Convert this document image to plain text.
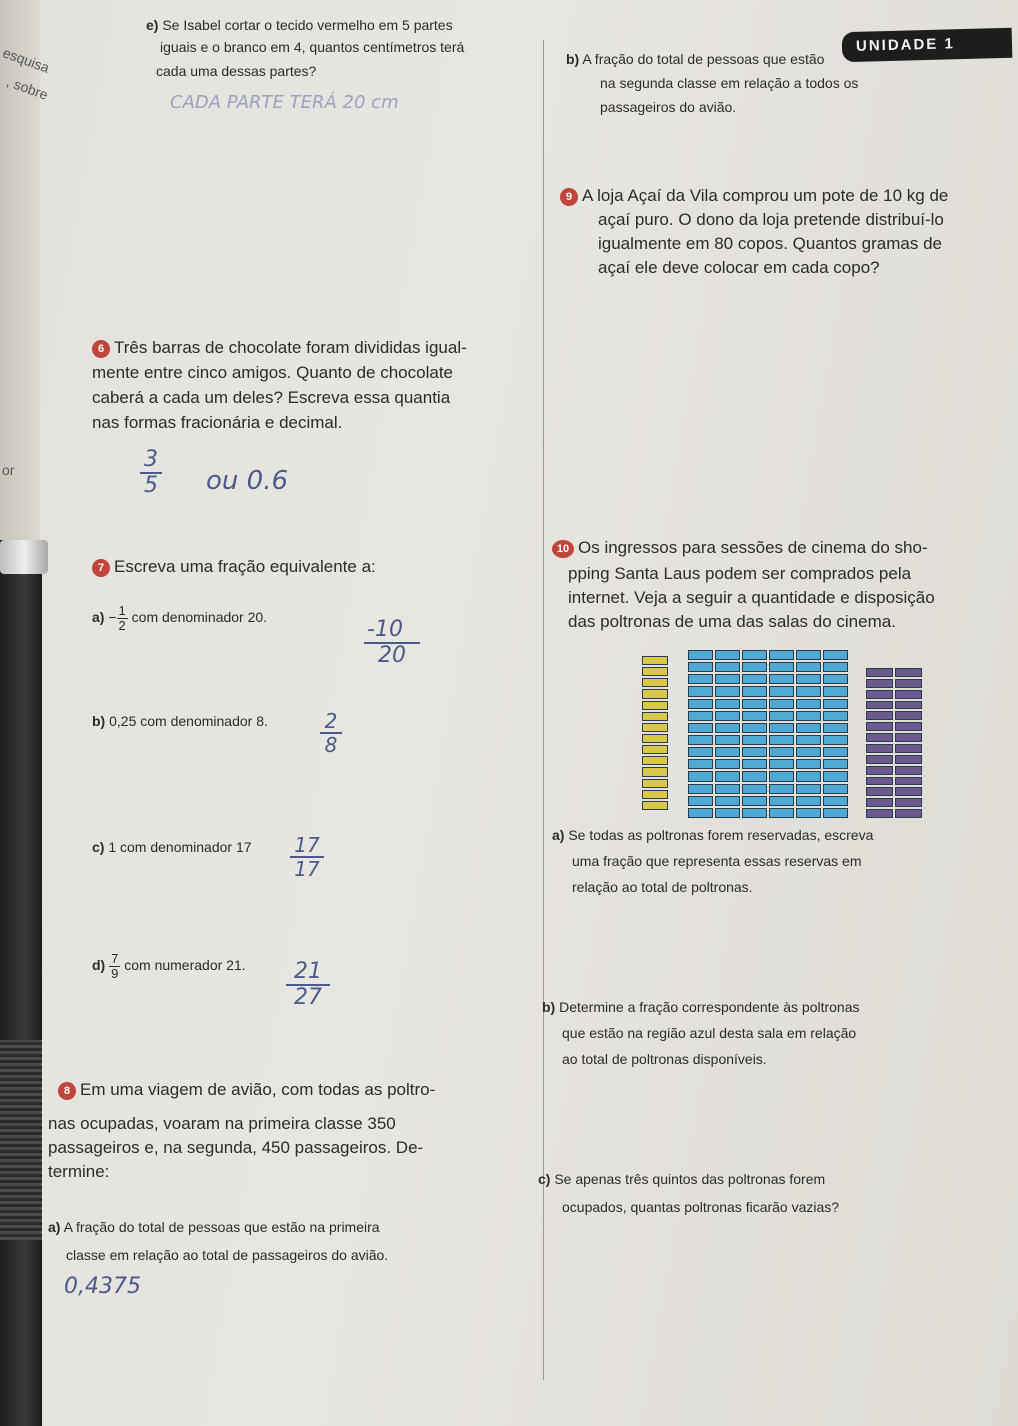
esquisa
, sobre
or
UNIDADE 1
e) Se Isabel cortar o tecido vermelho em 5 partes
iguais e o branco em 4, quantos centímetros terá
cada uma dessas partes?
CADA PARTE TERÁ 20 cm
b) A fração do total de pessoas que estão
na segunda classe em relação a todos os
passageiros do avião.
9 A loja Açaí da Vila comprou um pote de 10 kg de
açaí puro. O dono da loja pretende distribuí-lo
igualmente em 80 copos. Quantos gramas de
açaí ele deve colocar em cada copo?
6 Três barras de chocolate foram divididas igual-
mente entre cinco amigos. Quanto de chocolate
caberá a cada um deles? Escreva essa quantia
nas formas fracionária e decimal.
3
5 ou 0.6
7 Escreva uma fração equivalente a:
$a) - \frac{1}{2}$ com denominador 20.	-10
20
b) 0,25 com denominador 8.	2
8
c) 1 com denominador 17 17
17
$d) \frac{7}{9}$ com numerador 21.	21
27
8 Em uma viagem de avião, com todas as poltro-
nas ocupadas, voaram na primeira classe 350
passageiros e, na segunda, 450 passageiros. De-
termine:
a) A fração do total de pessoas que estão na primeira
classe em relação ao total de passageiros do avião.
0,4375
10 Os ingressos para sessões de cinema do sho-
pping Santa Laus podem ser comprados pela
internet. Veja a seguir a quantidade e disposição
das poltronas de uma das salas do cinema.
a) Se todas as poltronas forem reservadas, escreva
uma fração que representa essas reservas em
relação ao total de poltronas.
b) Determine a fração correspondente às poltronas
que estão na região azul desta sala em relação
ao total de poltronas disponíveis.
c) Se apenas três quintos das poltronas forem
ocupados, quantas poltronas ficarão vazias?
